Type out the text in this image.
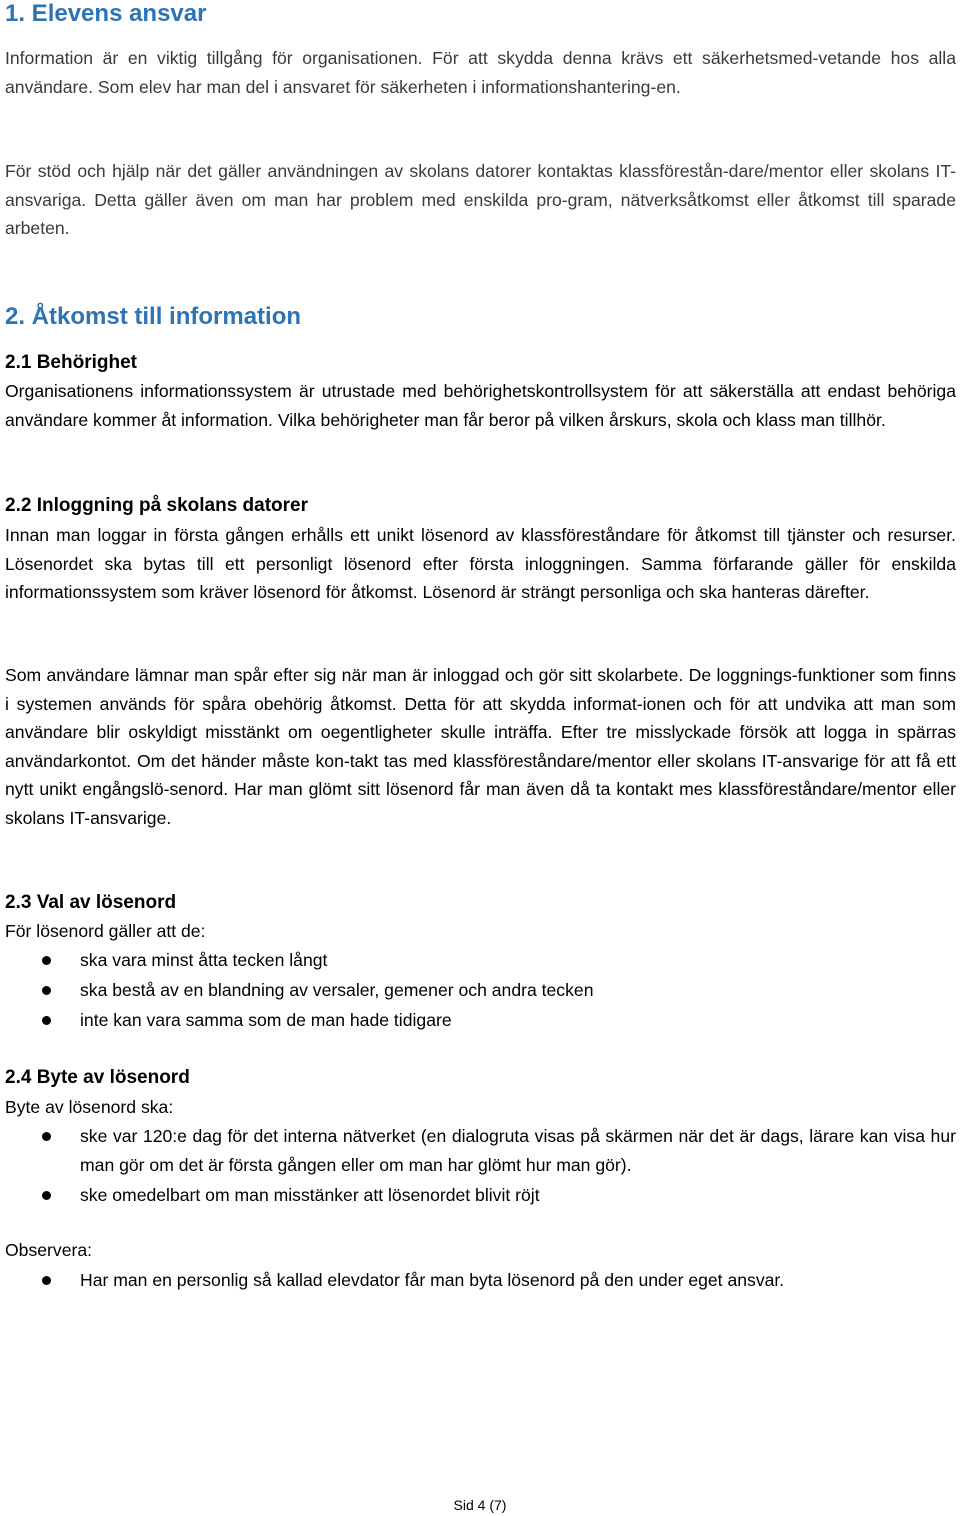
1. Elevens ansvar

Information är en viktig tillgång för organisationen. För att skydda denna krävs ett säkerhetsmed-vetande hos alla användare. Som elev har man del i ansvaret för säkerheten i informationshantering-en.

För stöd och hjälp när det gäller användningen av skolans datorer kontaktas klassförestån-dare/mentor eller skolans IT-ansvariga. Detta gäller även om man har problem med enskilda pro-gram, nätverksåtkomst eller åtkomst till sparade arbeten.

2. Åtkomst till information
2.1 Behörighet

Organisationens informationssystem är utrustade med behörighetskontrollsystem för att säkerställa att endast behöriga användare kommer åt information. Vilka behörigheter man får beror på vilken årskurs, skola och klass man tillhör.

2.2 Inloggning på skolans datorer

Innan man loggar in första gången erhålls ett unikt lösenord av klassföreståndare för åtkomst till tjänster och resurser. Lösenordet ska bytas till ett personligt lösenord efter första inloggningen. Samma förfarande gäller för enskilda informationssystem som kräver lösenord för åtkomst. Lösenord är strängt personliga och ska hanteras därefter.

Som användare lämnar man spår efter sig när man är inloggad och gör sitt skolarbete. De loggnings-funktioner som finns i systemen används för spåra obehörig åtkomst. Detta för att skydda informat-ionen och för att undvika att man som användare blir oskyldigt misstänkt om oegentligheter skulle inträffa. Efter tre misslyckade försök att logga in spärras användarkontot. Om det händer måste kon-takt tas med klassföreståndare/mentor eller skolans IT-ansvarige för att få ett nytt unikt engångslö-senord. Har man glömt sitt lösenord får man även då ta kontakt mes klassföreståndare/mentor eller skolans IT-ansvarige.

2.3 Val av lösenord

För lösenord gäller att de:

ska vara minst åtta tecken långt
ska bestå av en blandning av versaler, gemener och andra tecken
inte kan vara samma som de man hade tidigare
2.4 Byte av lösenord

Byte av lösenord ska:

ske var 120:e dag för det interna nätverket (en dialogruta visas på skärmen när det är dags, lärare kan visa hur man gör om det är första gången eller om man har glömt hur man gör).
ske omedelbart om man misstänker att lösenordet blivit röjt

Observera:

Har man en personlig så kallad elevdator får man byta lösenord på den under eget ansvar.
Sid 4 (7)
